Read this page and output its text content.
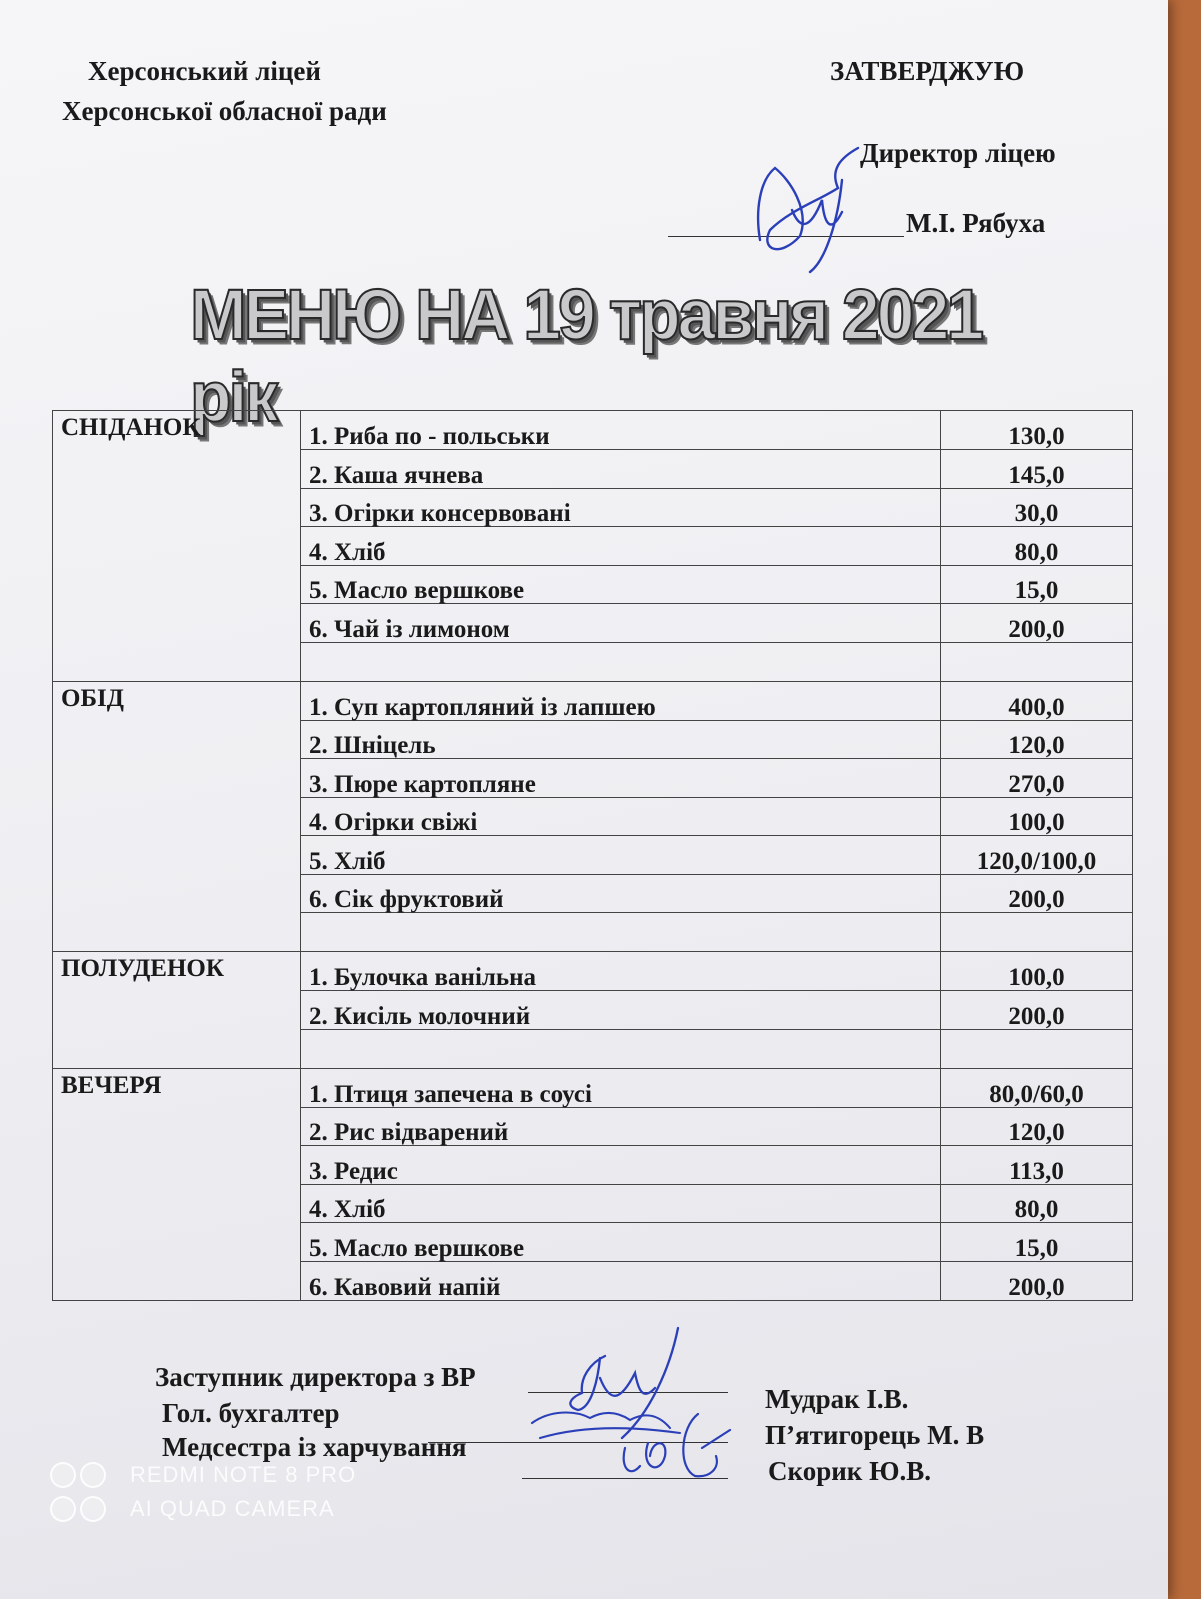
Херсонський ліцей
Херсонської обласної ради
ЗАТВЕРДЖУЮ
Директор ліцею
М.І. Рябуха
МЕНЮ НА 19 травня 2021 рік
СНІДАНОК	1. Риба по - польськи	130,0
	2. Каша ячнева	145,0
	3. Огірки консервовані	30,0
	4. Хліб	80,0
	5. Масло вершкове	15,0
	6. Чай із лимоном	200,0

ОБІД	1. Суп картопляний із лапшею	400,0
	2. Шніцель	120,0
	3. Пюре картопляне	270,0
	4. Огірки свіжі	100,0
	5. Хліб	120,0/100,0
	6. Сік фруктовий	200,0

ПОЛУДЕНОК	1. Булочка ванільна	100,0
	2. Кисіль молочний	200,0

ВЕЧЕРЯ	1. Птиця запечена в соусі	80,0/60,0
	2. Рис відварений	120,0
	3. Редис	113,0
	4. Хліб	80,0
	5. Масло вершкове	15,0
	6. Кавовий напій	200,0
Заступник директора з ВР
Мудрак І.В.
Гол. бухгалтер
П’ятигорець М. В
Медсестра із харчування
Скорик Ю.В.
REDMI NOTE 8 PRO
AI QUAD CAMERA
